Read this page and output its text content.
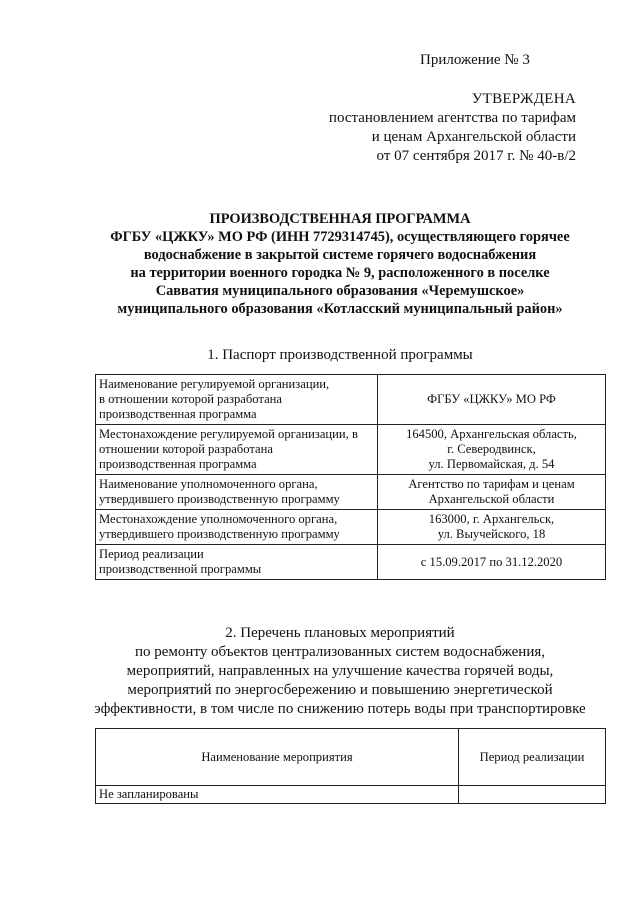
Приложение № 3
УТВЕРЖДЕНА
постановлением агентства по тарифам
и ценам Архангельской области
от 07 сентября 2017 г. № 40-в/2
ПРОИЗВОДСТВЕННАЯ ПРОГРАММА
ФГБУ «ЦЖКУ» МО РФ (ИНН 7729314745), осуществляющего горячее
водоснабжение в закрытой системе горячего водоснабжения
на территории военного городка № 9, расположенного в поселке
Савватия муниципального образования «Черемушское»
муниципального образования «Котласский муниципальный район»
1. Паспорт производственной программы
Наименование регулируемой организации,
в отношении которой разработана
производственная программа	ФГБУ «ЦЖКУ» МО РФ

Местонахождение регулируемой организации, в
отношении которой разработана
производственная программа	164500, Архангельская область,
г. Северодвинск,
ул. Первомайская, д. 54

Наименование уполномоченного органа,
утвердившего производственную программу	Агентство по тарифам и ценам
Архангельской области

Местонахождение уполномоченного органа,
утвердившего производственную программу	163000, г. Архангельск,
ул. Выучейского, 18

Период реализации
производственной программы	с 15.09.2017 по 31.12.2020
2. Перечень плановых мероприятий
по ремонту объектов централизованных систем водоснабжения,
мероприятий, направленных на улучшение качества горячей воды,
мероприятий по энергосбережению и повышению энергетической
эффективности, в том числе по снижению потерь воды при транспортировке
Наименование мероприятия	Период реализации
Не запланированы	
